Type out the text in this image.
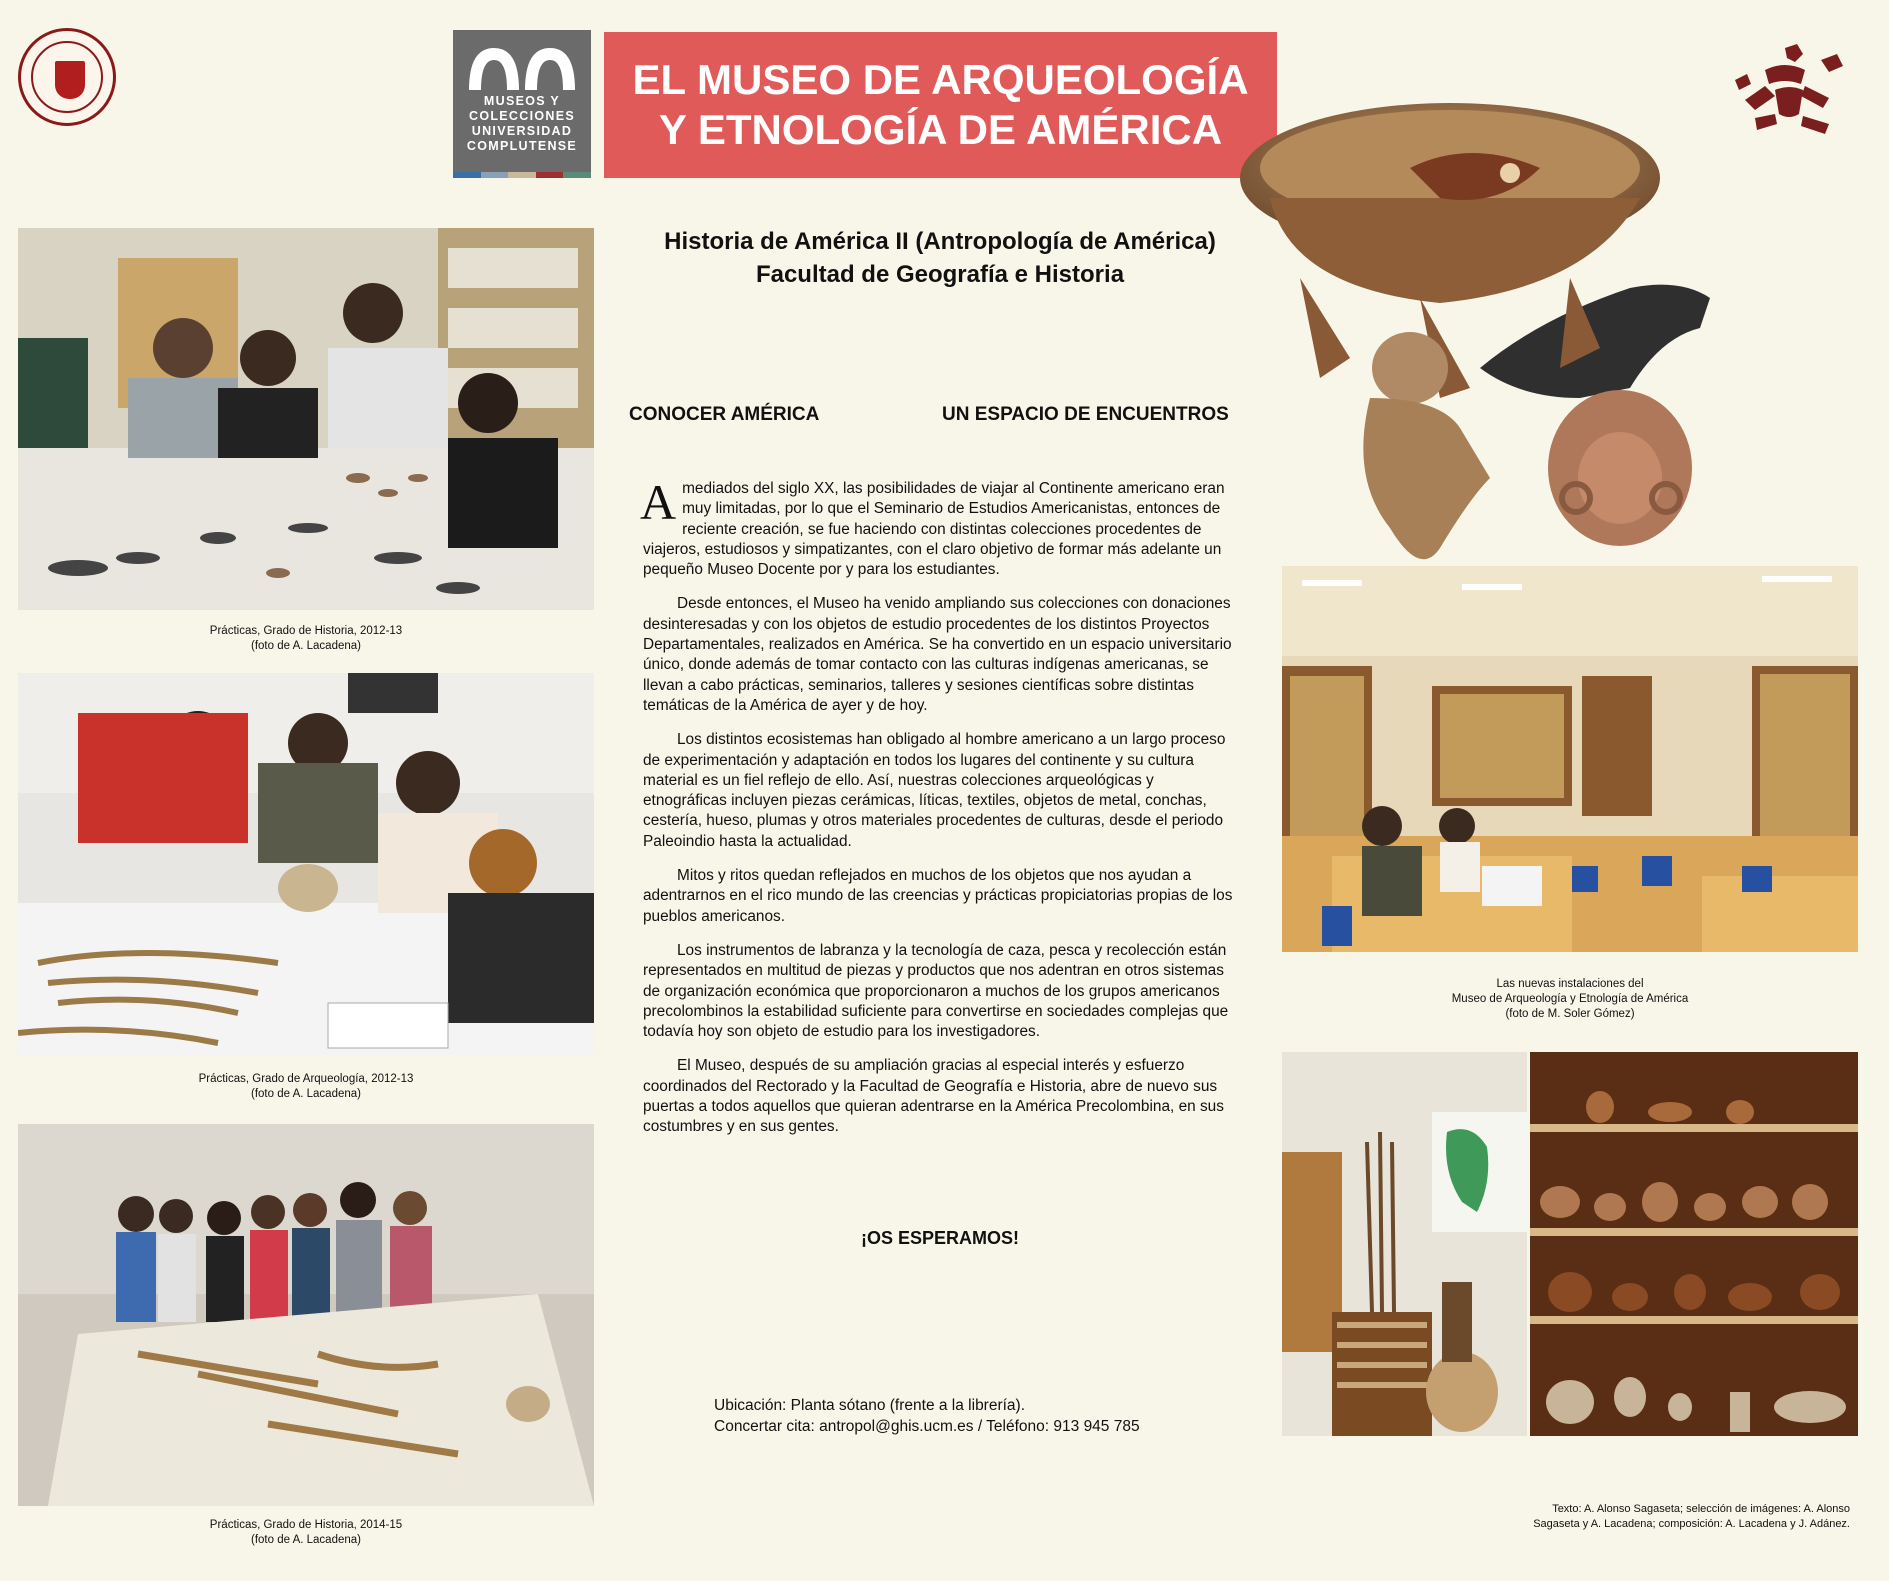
MUSEOS Y
COLECCIONES
UNIVERSIDAD
COMPLUTENSE
EL MUSEO DE ARQUEOLOGÍA
Y ETNOLOGÍA DE AMÉRICA
Prácticas, Grado de Historia, 2012-13
(foto de A. Lacadena)
Prácticas, Grado de Arqueología, 2012-13
(foto de A. Lacadena)
Prácticas, Grado de Historia, 2014-15
(foto de A. Lacadena)
Historia de América II (Antropología de América)
Facultad de Geografía e Historia
CONOCER AMÉRICA	UN ESPACIO DE ENCUENTROS

Amediados del siglo XX, las posibilidades de viajar al Continente americano eran muy limitadas, por lo que el Seminario de Estudios Americanistas, entonces de reciente creación, se fue haciendo con distintas colecciones procedentes de viajeros, estudiosos y simpatizantes, con el claro objetivo de formar más adelante un pequeño Museo Docente por y para los estudiantes.

Desde entonces, el Museo ha venido ampliando sus colecciones con donaciones desinteresadas y con los objetos de estudio procedentes de los distintos Proyectos Departamentales, realizados en América. Se ha convertido en un espacio universitario único, donde además de tomar contacto con las culturas indígenas americanas, se llevan a cabo prácticas, seminarios, talleres y sesiones científicas sobre distintas temáticas de la América de ayer y de hoy.

Los distintos ecosistemas han obligado al hombre americano a un largo proceso de experimentación y adaptación en todos los lugares del continente y su cultura material es un fiel reflejo de ello. Así, nuestras colecciones arqueológicas y etnográficas incluyen piezas cerámicas, líticas, textiles, objetos de metal, conchas, cestería, hueso, plumas y otros materiales procedentes de culturas, desde el periodo Paleoindio hasta la actualidad.

Mitos y ritos quedan reflejados en muchos de los objetos que nos ayudan a adentrarnos en el rico mundo de las creencias y prácticas propiciatorias propias de los pueblos americanos.

Los instrumentos de labranza y la tecnología de caza, pesca y recolección están representados en multitud de piezas y productos que nos adentran en otros sistemas de organización económica que proporcionaron a muchos de los grupos americanos precolombinos la estabilidad suficiente para convertirse en sociedades complejas que todavía hoy son objeto de estudio para los investigadores.

El Museo, después de su ampliación gracias al especial interés y esfuerzo coordinados del Rectorado y la Facultad de Geografía e Historia, abre de nuevo sus puertas a todos aquellos que quieran adentrarse en la América Precolombina, en sus costumbres y en sus gentes.

¡OS ESPERAMOS!
Ubicación: Planta sótano (frente a la librería).
Concertar cita: antropol@ghis.ucm.es / Teléfono: 913 945 785
Las nuevas instalaciones del
Museo de Arqueología y Etnología de América
(foto de M. Soler Gómez)
Texto: A. Alonso Sagaseta; selección de imágenes: A. Alonso
Sagaseta y A. Lacadena; composición: A. Lacadena y J. Adánez.
